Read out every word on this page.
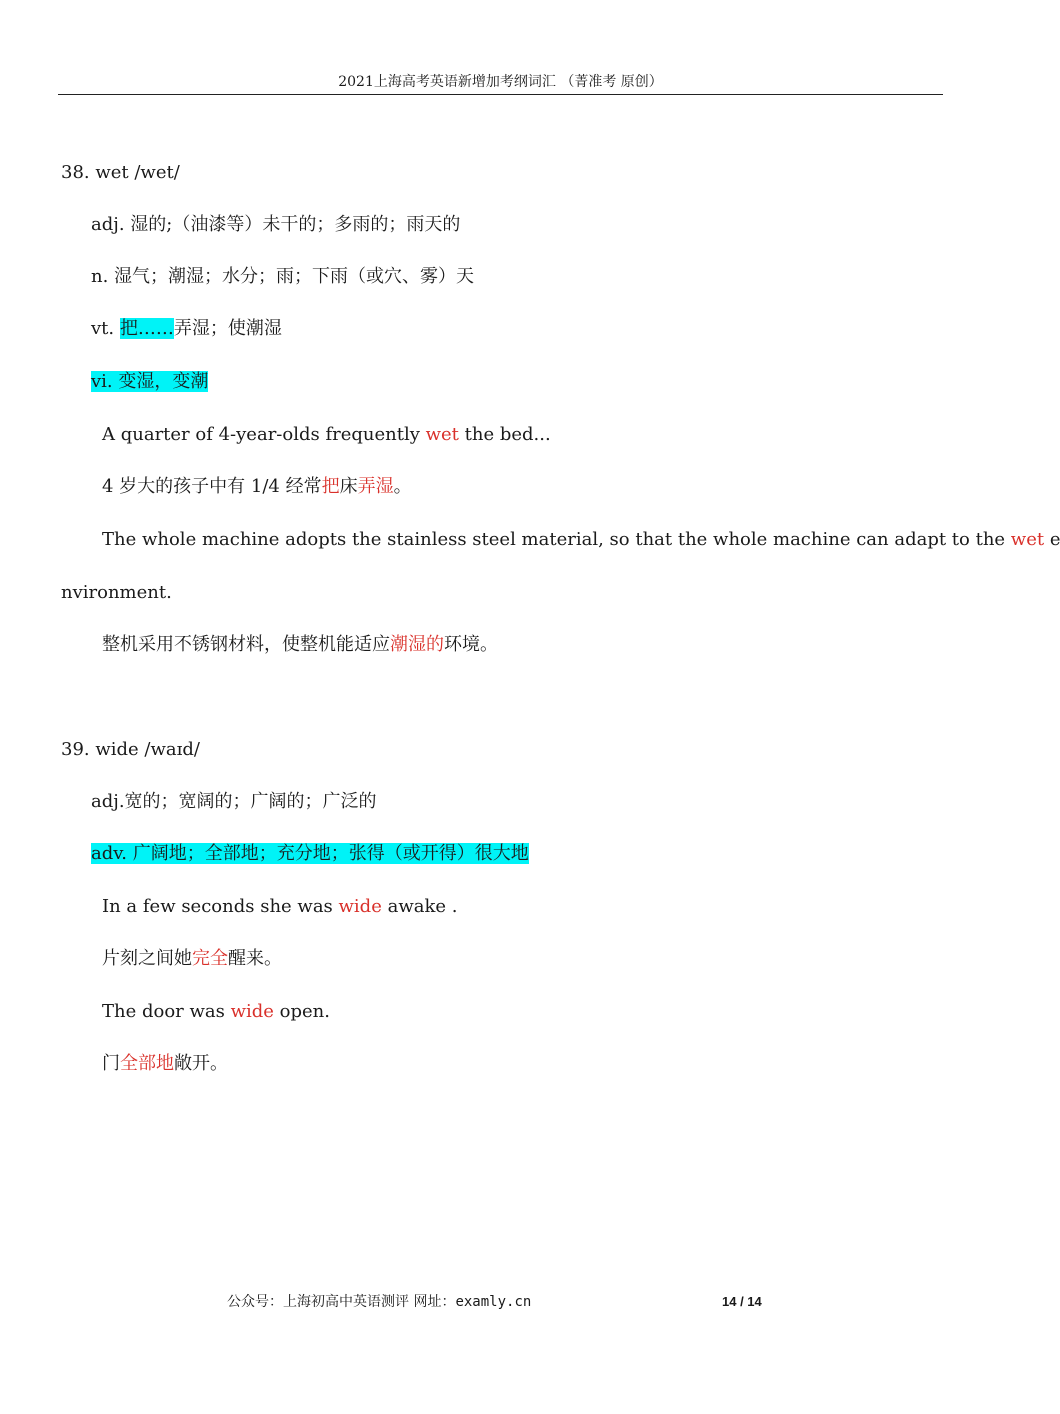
2021上海高考英语新增加考纲词汇 （菁准考 原创）
38. wet /wet/
adj. 湿的;（油漆等）未干的；多雨的；雨天的
n. 湿气；潮湿；水分；雨；下雨（或穴、雾）天
vt. 把……弄湿；使潮湿
vi. 变湿，变潮
A quarter of 4-year-olds frequently wet the bed...
4 岁大的孩子中有 1/4 经常把床弄湿。
The whole machine adopts the stainless steel material, so that the whole machine can adapt to the wet e
nvironment.
整机采用不锈钢材料，使整机能适应潮湿的环境。
39. wide /waɪd/
adj.宽的；宽阔的；广阔的；广泛的
adv. 广阔地；全部地；充分地；张得（或开得）很大地
In a few seconds she was wide awake .
片刻之间她完全醒来。
The door was wide open.
门全部地敞开。
公众号：上海初高中英语测评 网址：examly.cn	14 / 14
